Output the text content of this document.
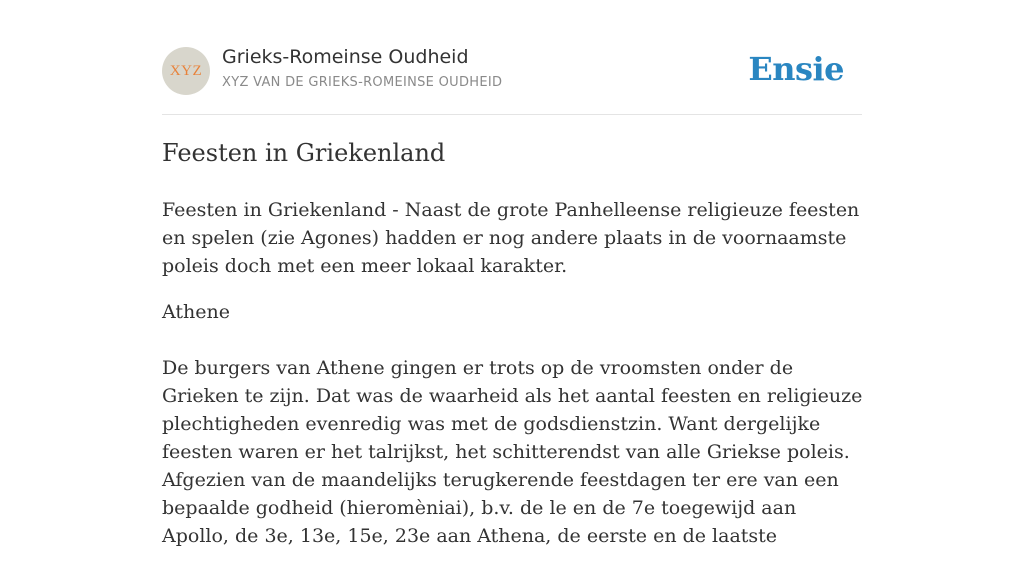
XYZ
Grieks-Romeinse Oudheid
XYZ VAN DE GRIEKS-ROMEINSE OUDHEID	Ensie
Feesten in Griekenland

Feesten in Griekenland - Naast de grote Panhelleense religieuze feesten en spelen (zie Agones) hadden er nog andere plaats in de voornaamste poleis doch met een meer lokaal karakter.

Athene

De burgers van Athene gingen er trots op de vroomsten onder de Grieken te zijn. Dat was de waarheid als het aantal feesten en religieuze plechtigheden evenredig was met de godsdienstzin. Want dergelijke feesten waren er het talrijkst, het schitterendst van alle Griekse poleis. Afgezien van de maandelijks terugkerende feestdagen ter ere van een bepaalde godheid (hieromèniai), b.v. de le en de 7e toegewijd aan Apollo, de 3e, 13e, 15e, 23e aan Athena, de eerste en de laatste
